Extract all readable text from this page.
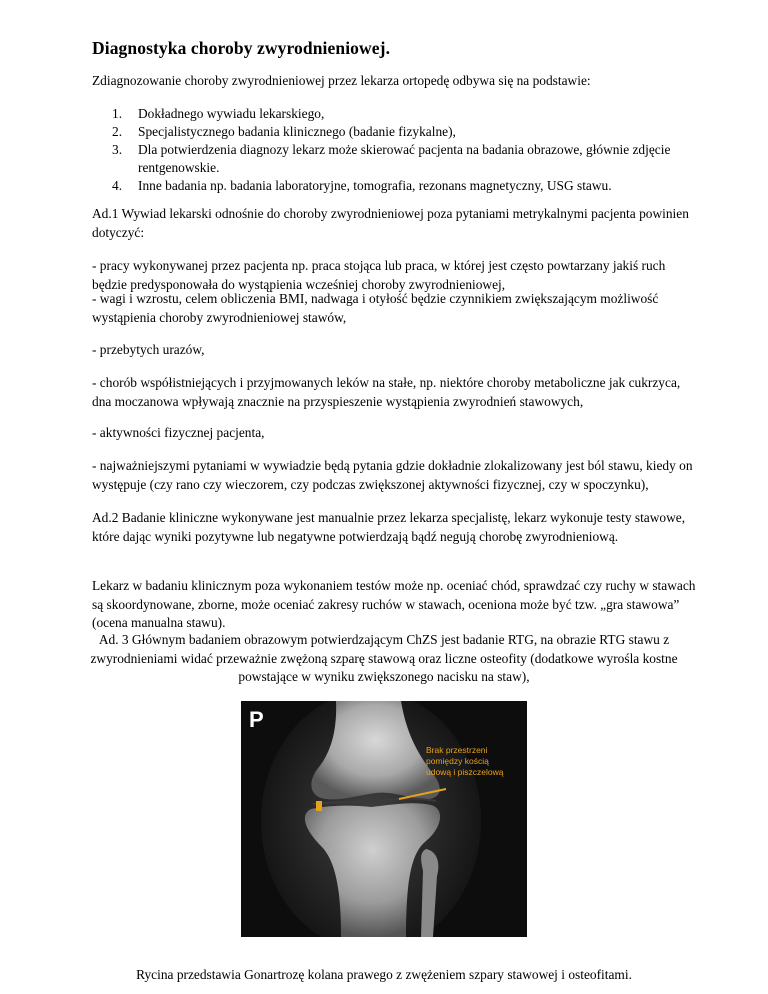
Diagnostyka choroby zwyrodnieniowej.

Zdiagnozowanie choroby zwyrodnieniowej przez lekarza ortopedę odbywa się na podstawie:

1. Dokładnego wywiadu lekarskiego,
2. Specjalistycznego badania klinicznego (badanie fizykalne),
3. Dla potwierdzenia diagnozy lekarz może skierować pacjenta na badania obrazowe, głównie zdjęcie rentgenowskie.
4. Inne badania np. badania laboratoryjne, tomografia, rezonans magnetyczny, USG stawu.

Ad.1 Wywiad lekarski odnośnie do choroby zwyrodnieniowej poza pytaniami metrykalnymi pacjenta powinien dotyczyć:

- pracy wykonywanej przez pacjenta np. praca stojąca lub praca, w której jest często powtarzany jakiś ruch będzie predysponowała do wystąpienia wcześniej choroby zwyrodnieniowej,

- wagi i wzrostu, celem obliczenia BMI, nadwaga i otyłość będzie czynnikiem zwiększającym możliwość wystąpienia choroby zwyrodnieniowej stawów,

- przebytych urazów,

- chorób współistniejących i przyjmowanych leków na stałe, np. niektóre choroby metaboliczne jak cukrzyca, dna moczanowa wpływają znacznie na przyspieszenie wystąpienia zwyrodnień stawowych,

- aktywności fizycznej pacjenta,

- najważniejszymi pytaniami w wywiadzie będą pytania gdzie dokładnie zlokalizowany jest ból stawu, kiedy on występuje (czy rano czy wieczorem, czy podczas zwiększonej aktywności fizycznej, czy w spoczynku),

Ad.2 Badanie kliniczne wykonywane jest manualnie przez lekarza specjalistę, lekarz wykonuje testy stawowe, które dając wyniki pozytywne lub negatywne potwierdzają bądź negują chorobę zwyrodnieniową.

Lekarz w badaniu klinicznym poza wykonaniem testów może np. oceniać chód, sprawdzać czy ruchy w stawach są skoordynowane, zborne, może oceniać zakresy ruchów w stawach, oceniona może być tzw. „gra stawowa” (ocena manualna stawu).

Ad. 3 Głównym badaniem obrazowym potwierdzającym ChZS jest badanie RTG, na obrazie RTG stawu z zwyrodnieniami widać przeważnie zwężoną szparę stawową oraz liczne osteofity (dodatkowe wyrośla kostne powstające w wyniku zwiększonego nacisku na staw),

P
Brak przestrzeni
pomiędzy kością
udową i piszczelową

Rycina przedstawia Gonartrozę kolana prawego z zwężeniem szpary stawowej i osteofitami.
